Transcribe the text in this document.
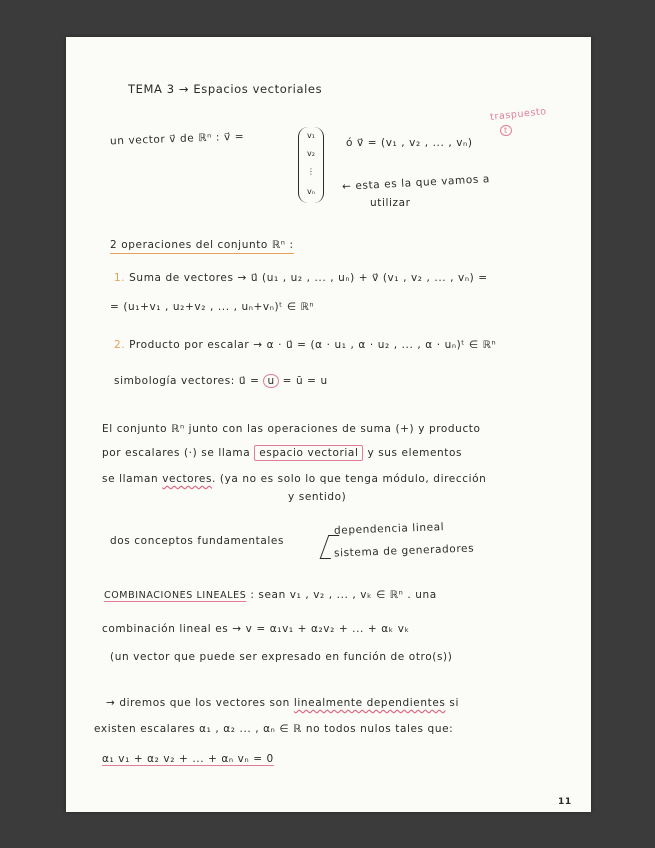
TEMA 3 → Espacios vectoriales
traspuesto
un vector v⃗ de ℝⁿ : v⃗ =	v₁
v₂
⋮
vₙ
ó v⃗ = (v₁ , v₂ , ... , vₙ)
t
← esta es la que vamos a
utilizar
2 operaciones del conjunto ℝⁿ :
1. Suma de vectores → u⃗ (u₁ , u₂ , ... , uₙ) + v⃗ (v₁ , v₂ , ... , vₙ) =
= (u₁+v₁ , u₂+v₂ , ... , uₙ+vₙ)ᵗ ∈ ℝⁿ
2. Producto por escalar → α · u⃗ = (α · u₁ , α · u₂ , ... , α · uₙ)ᵗ ∈ ℝⁿ
simbología vectores: u⃗ = u = ū = u
El conjunto ℝⁿ junto con las operaciones de suma (+) y producto
por escalares (·) se llama espacio vectorial y sus elementos
se llaman vectores. (ya no es solo lo que tenga módulo, dirección
y sentido)
dos conceptos fundamentales
dependencia lineal
sistema de generadores
COMBINACIONES LINEALES : sean v₁ , v₂ , ... , vₖ ∈ ℝⁿ . una
combinación lineal es → v = α₁v₁ + α₂v₂ + ... + αₖ vₖ
(un vector que puede ser expresado en función de otro(s))
→ diremos que los vectores son linealmente dependientes si
existen escalares α₁ , α₂ ... , αₙ ∈ ℝ no todos nulos tales que:
α₁ v₁ + α₂ v₂ + ... + αₙ vₙ = 0
11
